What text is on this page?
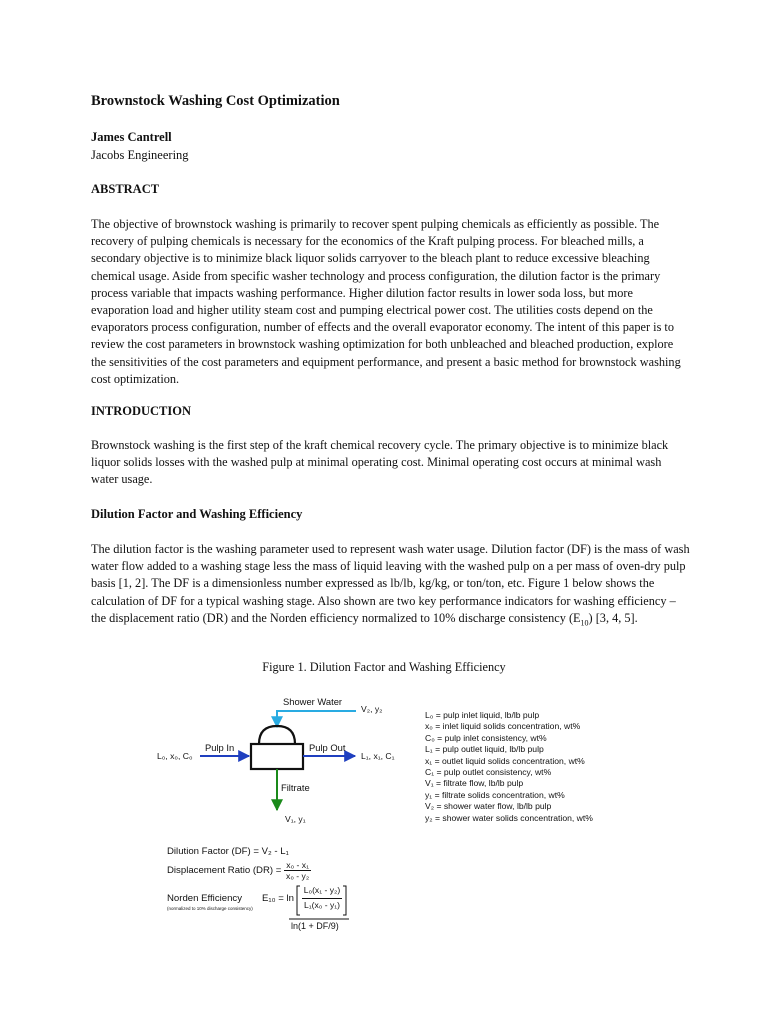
Brownstock Washing Cost Optimization
James Cantrell
Jacobs Engineering
ABSTRACT

The objective of brownstock washing is primarily to recover spent pulping chemicals as efficiently as possible. The recovery of pulping chemicals is necessary for the economics of the Kraft pulping process. For bleached mills, a secondary objective is to minimize black liquor solids carryover to the bleach plant to reduce excessive bleaching chemical usage. Aside from specific washer technology and process configuration, the dilution factor is the primary process variable that impacts washing performance. Higher dilution factor results in lower soda loss, but more evaporation load and higher utility steam cost and pumping electrical power cost. The utilities costs depend on the evaporators process configuration, number of effects and the overall evaporator economy. The intent of this paper is to review the cost parameters in brownstock washing optimization for both unbleached and bleached production, explore the sensitivities of the cost parameters and equipment performance, and present a basic method for brownstock washing cost optimization.

INTRODUCTION

Brownstock washing is the first step of the kraft chemical recovery cycle. The primary objective is to minimize black liquor solids losses with the washed pulp at minimal operating cost. Minimal operating cost occurs at minimal wash water usage.

Dilution Factor and Washing Efficiency

The dilution factor is the washing parameter used to represent wash water usage. Dilution factor (DF) is the mass of wash water flow added to a washing stage less the mass of liquid leaving with the washed pulp on a per mass of oven-dry pulp basis [1, 2]. The DF is a dimensionless number expressed as lb/lb, kg/kg, or ton/ton, etc. Figure 1 below shows the calculation of DF for a typical washing stage. Also shown are two key performance indicators for washing efficiency – the displacement ratio (DR) and the Norden efficiency normalized to 10% discharge consistency $(E_{10})$ [3, 4, 5].

Figure 1. Dilution Factor and Washing Efficiency
Shower Water
V₂, y₂
Pulp In
L₀, x₀, C₀
Pulp Out
L₁, x₁, C₁
Filtrate
V₁, y₁
L₀ = pulp inlet liquid, lb/lb pulp
x₀ = inlet liquid solids concentration, wt%
C₀ = pulp inlet consistency, wt%
L₁ = pulp outlet liquid, lb/lb pulp
x₁ = outlet liquid solids concentration, wt%
C₁ = pulp outlet consistency, wt%
V₁ = filtrate flow, lb/lb pulp
y₁ = filtrate solids concentration, wt%
V₂ = shower water flow, lb/lb pulp
y₂ = shower water solids concentration, wt%
Dilution Factor (DF) = V₂ - L₁
Displacement Ratio $(DR) = \frac{\text{x₀ - x₁}}{\text{x₀ - y₂}}$
Norden Efficiency
(normalized to 10% discharge consistency)
E₁₀ = ln
L₀(x₁ - y₂)
L₁(x₀ - y₁)
ln(1 + DF/9)
